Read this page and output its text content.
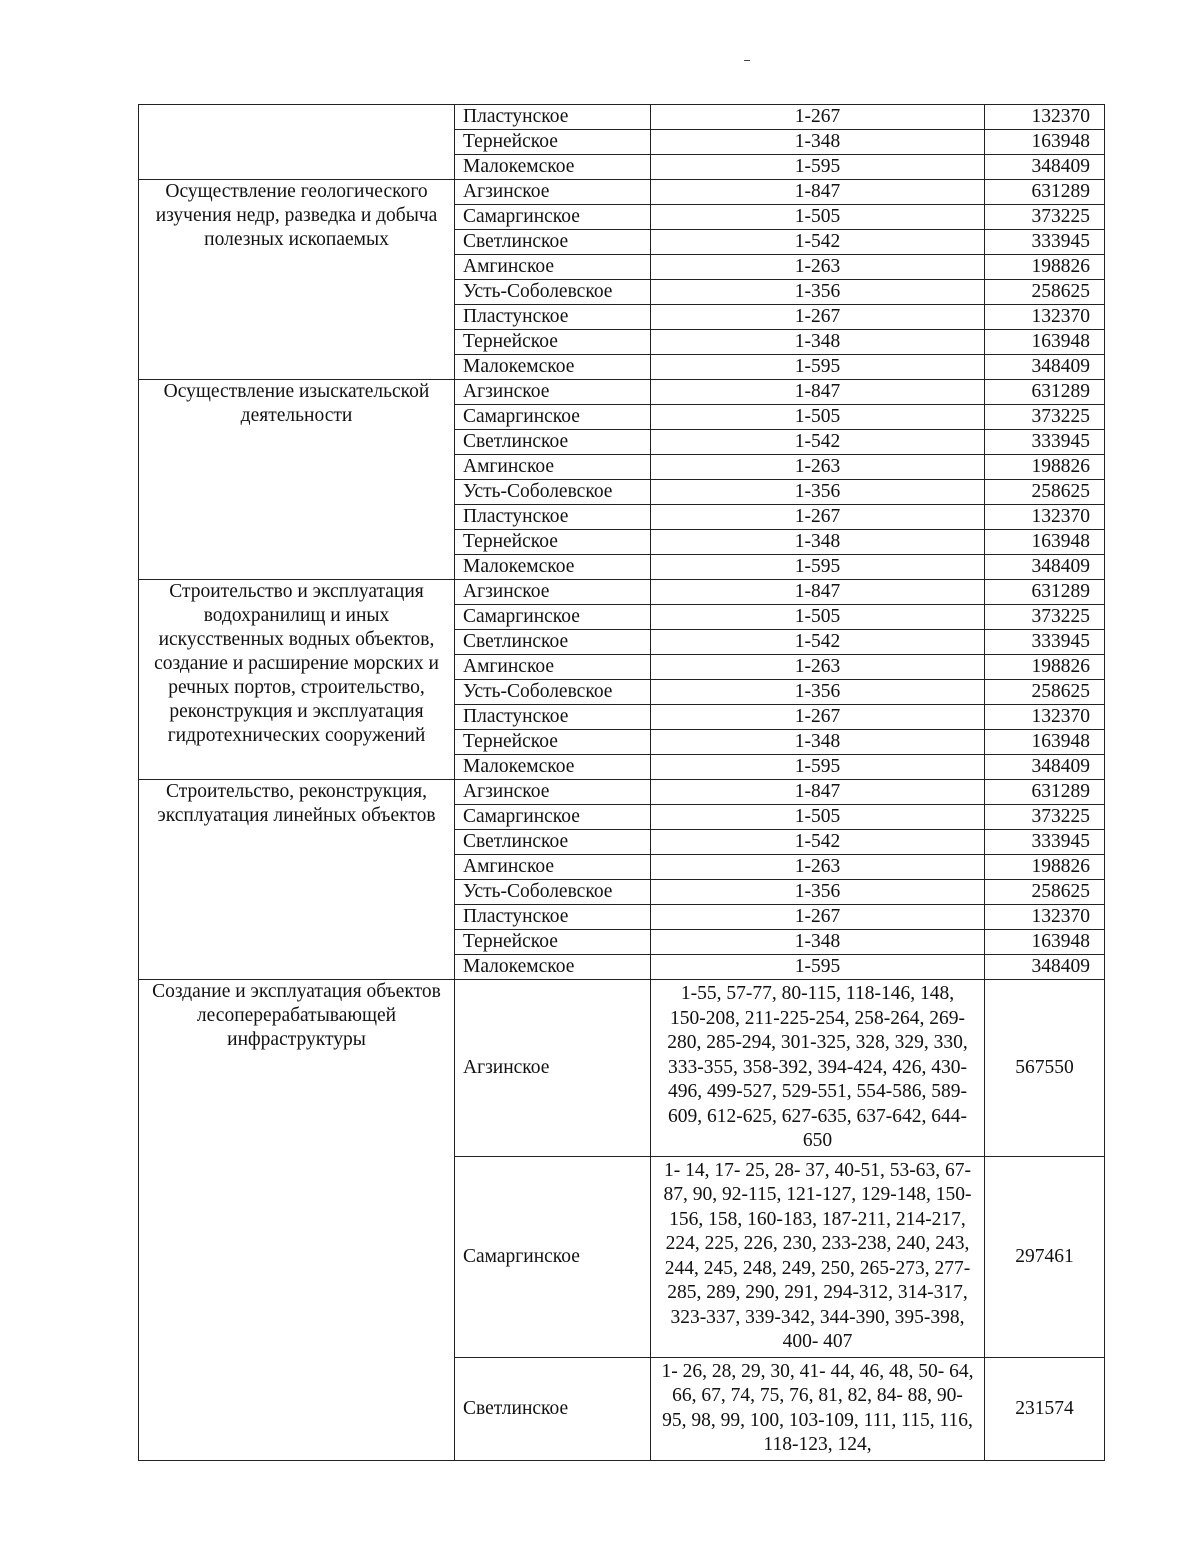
	Пластунское	1-267	132370
	Тернейское	1-348	163948
	Малокемское	1-595	348409
Осуществление геологического изучения недр, разведка и добыча полезных ископаемых	Агзинское	1-847	631289
	Самаргинское	1-505	373225
	Светлинское	1-542	333945
	Амгинское	1-263	198826
	Усть-Соболевское	1-356	258625
	Пластунское	1-267	132370
	Тернейское	1-348	163948
	Малокемское	1-595	348409
Осуществление изыскательской деятельности	Агзинское	1-847	631289
	Самаргинское	1-505	373225
	Светлинское	1-542	333945
	Амгинское	1-263	198826
	Усть-Соболевское	1-356	258625
	Пластунское	1-267	132370
	Тернейское	1-348	163948
	Малокемское	1-595	348409
Строительство и эксплуатация водохранилищ и иных искусственных водных объектов, создание и расширение морских и речных портов, строительство, реконструкция и эксплуатация гидротехнических сооружений	Агзинское	1-847	631289
	Самаргинское	1-505	373225
	Светлинское	1-542	333945
	Амгинское	1-263	198826
	Усть-Соболевское	1-356	258625
	Пластунское	1-267	132370
	Тернейское	1-348	163948
	Малокемское	1-595	348409
Строительство, реконструкция, эксплуатация линейных объектов	Агзинское	1-847	631289
	Самаргинское	1-505	373225
	Светлинское	1-542	333945
	Амгинское	1-263	198826
	Усть-Соболевское	1-356	258625
	Пластунское	1-267	132370
	Тернейское	1-348	163948
	Малокемское	1-595	348409
Создание и эксплуатация объектов лесоперерабатывающей инфраструктуры	Агзинское	1-55, 57-77, 80-115, 118-146, 148, 150-208, 211-225-254, 258-264, 269-280, 285-294, 301-325, 328, 329, 330, 333-355, 358-392, 394-424, 426, 430-496, 499-527, 529-551, 554-586, 589- 609, 612-625, 627-635, 637-642, 644-650	567550
	Самаргинское	1- 14, 17- 25, 28- 37, 40-51, 53-63, 67-87, 90, 92-115, 121-127, 129-148, 150-156, 158, 160-183, 187-211, 214-217, 224, 225, 226, 230, 233-238, 240, 243, 244, 245, 248, 249, 250, 265-273, 277-285, 289, 290, 291, 294-312, 314-317, 323-337, 339-342, 344-390, 395-398, 400- 407	297461
	Светлинское	1- 26, 28, 29, 30, 41- 44, 46, 48, 50- 64, 66, 67, 74, 75, 76, 81, 82, 84- 88, 90- 95, 98, 99, 100, 103-109, 111, 115, 116, 118-123, 124,	231574
